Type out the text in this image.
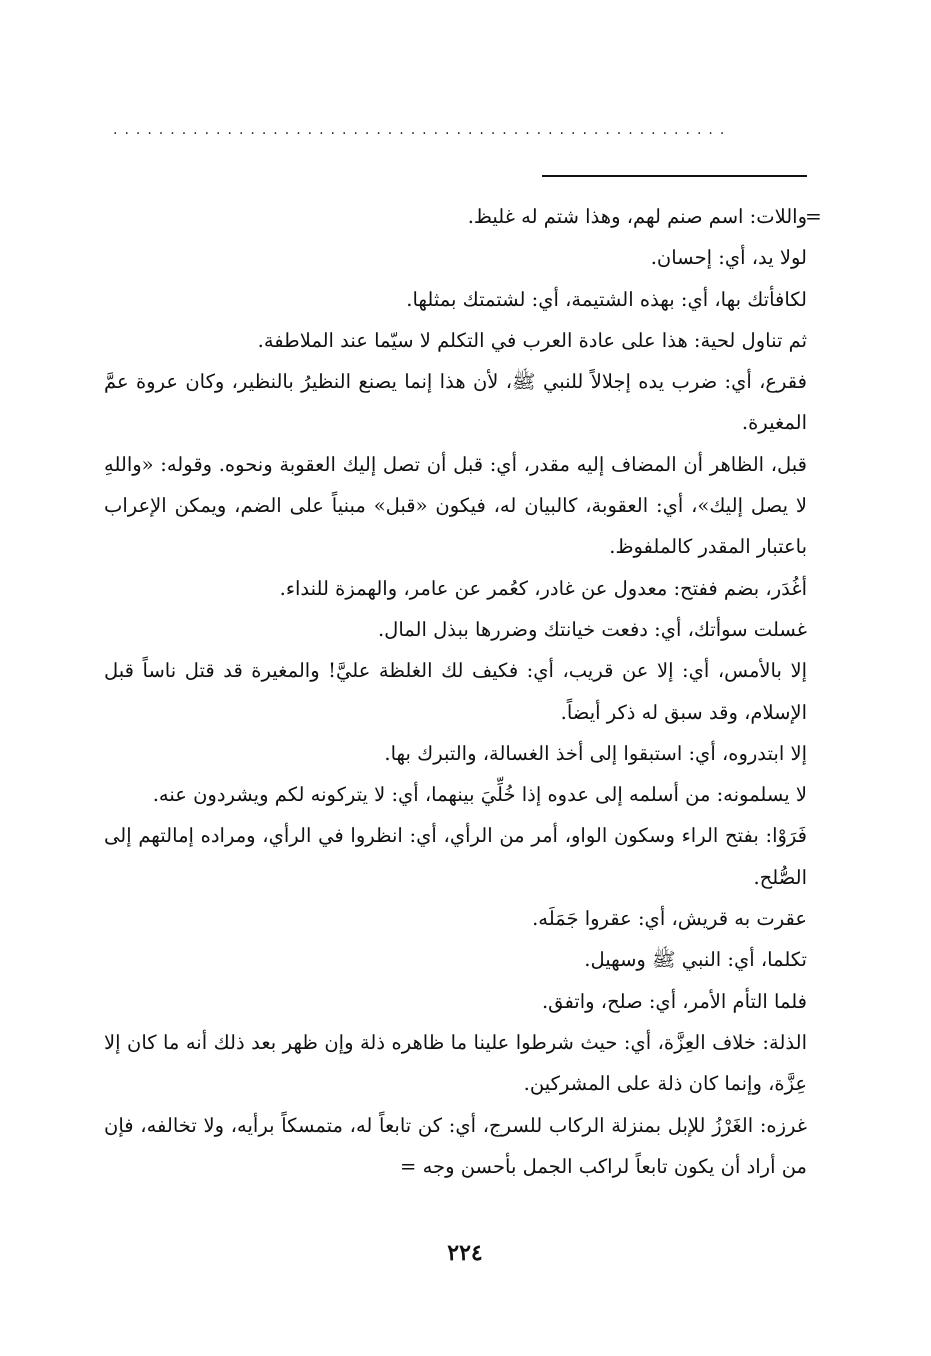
......................................................
=

واللات: اسم صنم لهم، وهذا شتم له غليظ.

لولا يد، أي: إحسان.

لكافأتك بها، أي: بهذه الشتيمة، أي: لشتمتك بمثلها.

ثم تناول لحية: هذا على عادة العرب في التكلم لا سيّما عند الملاطفة.

فقرع، أي: ضرب يده إجلالاً للنبي ﷺ، لأن هذا إنما يصنع النظيرُ بالنظير، وكان عروة عمَّ المغيرة.

قبل، الظاهر أن المضاف إليه مقدر، أي: قبل أن تصل إليك العقوبة ونحوه. وقوله: «واللهِ لا يصل إليك»، أي: العقوبة، كالبيان له، فيكون «قبل» مبنياً على الضم، ويمكن الإعراب باعتبار المقدر كالملفوظ.

أغُدَر، بضم ففتح: معدول عن غادر، كعُمر عن عامر، والهمزة للنداء.

غسلت سوأتك، أي: دفعت خيانتك وضررها ببذل المال.

إلا بالأمس، أي: إلا عن قريب، أي: فكيف لك الغلظة عليَّ! والمغيرة قد قتل ناساً قبل الإسلام، وقد سبق له ذكر أيضاً.

إلا ابتدروه، أي: استبقوا إلى أخذ الغسالة، والتبرك بها.

لا يسلمونه: من أسلمه إلى عدوه إذا خُلِّيَ بينهما، أي: لا يتركونه لكم ويشردون عنه.

فَرَوْا: بفتح الراء وسكون الواو، أمر من الرأي، أي: انظروا في الرأي، ومراده إمالتهم إلى الصُّلح.

عقرت به قريش، أي: عقروا جَمَلَه.

تكلما، أي: النبي ﷺ وسهيل.

فلما التأم الأمر، أي: صلح، واتفق.

الذلة: خلاف العِزَّة، أي: حيث شرطوا علينا ما ظاهره ذلة وإن ظهر بعد ذلك أنه ما كان إلا عِزَّة، وإنما كان ذلة على المشركين.

غرزه: الغَرْزُ للإبل بمنزلة الركاب للسرج، أي: كن تابعاً له، متمسكاً برأيه، ولا تخالفه، فإن من أراد أن يكون تابعاً لراكب الجمل بأحسن وجه =

٢٢٤
